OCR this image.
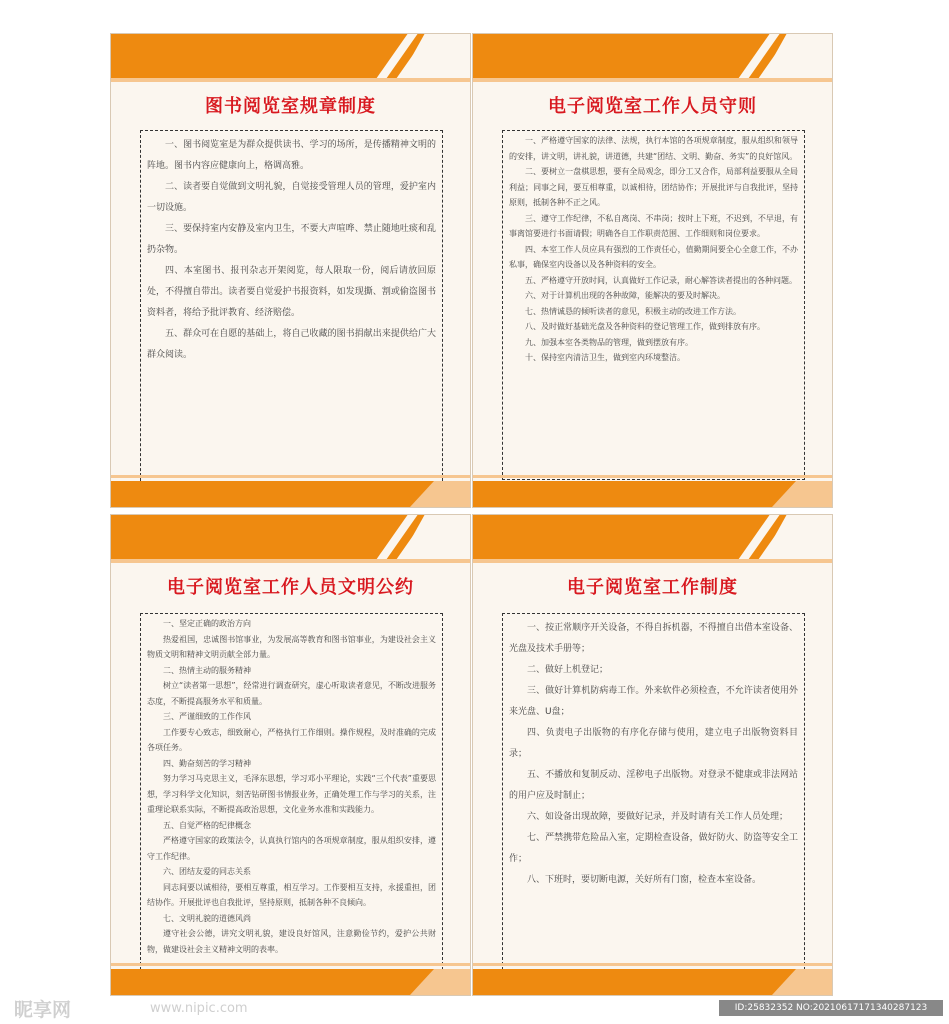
图书阅览室规章制度

一、图书阅览室是为群众提供读书、学习的场所，是传播精神文明的阵地。图书内容应健康向上，格调高雅。

二、读者要自觉做到文明礼貌，自觉接受管理人员的管理，爱护室内一切设施。

三、要保持室内安静及室内卫生，不要大声喧哗、禁止随地吐痰和乱扔杂物。

四、本室图书、报刊杂志开架阅览，每人限取一份，阅后请放回原处，不得擅自带出。读者要自觉爱护书报资料，如发现撕、割或偷盗图书资料者，将给予批评教育、经济赔偿。

五、群众可在自愿的基础上，将自己收藏的图书捐献出来提供给广大群众阅读。

电子阅览室工作人员守则

一、严格遵守国家的法律、法规，执行本馆的各项规章制度，服从组织和领导的安排，讲文明，讲礼貌，讲道德，共建“团结、文明、勤奋、务实”的良好馆风。

二、要树立一盘棋思想，要有全局观念，即分工又合作，局部利益要服从全局利益；同事之间，要互相尊重，以诚相待，团结协作；开展批评与自我批评，坚持原则，抵制各种不正之风。

三、遵守工作纪律，不私自离岗、不串岗；按时上下班，不迟到，不早退，有事离馆要进行书面请假；明确各自工作职责范围、工作细则和岗位要求。

四、本室工作人员应具有强烈的工作责任心，值勤期间要全心全意工作，不办私事，确保室内设备以及各种资料的安全。

五、严格遵守开放时间，认真做好工作记录，耐心解答读者提出的各种问题。

六、对于计算机出现的各种故障，能解决的要及时解决。

七、热情诚恳的倾听读者的意见，积极主动的改进工作方法。

八、及时做好基础光盘及各种资料的登记管理工作，做到排放有序。

九、加强本室各类物品的管理，做到摆放有序。

十、保持室内清洁卫生，做到室内环境整洁。

电子阅览室工作人员文明公约

一、坚定正确的政治方向

热爱祖国，忠诚图书馆事业，为发展高等教育和图书馆事业，为建设社会主义物质文明和精神文明贡献全部力量。

二、热情主动的服务精神

树立“读者第一思想”，经常进行调查研究，虚心听取读者意见，不断改进服务态度，不断提高服务水平和质量。

三、严谨细致的工作作风

工作要专心致志，细致耐心，严格执行工作细则。操作规程，及时准确的完成各项任务。

四、勤奋刻苦的学习精神

努力学习马克思主义，毛泽东思想，学习邓小平理论，实践“三个代表”重要思想，学习科学文化知识，刻苦钻研图书情报业务，正确处理工作与学习的关系，注重理论联系实际，不断提高政治思想，文化业务水准和实践能力。

五、自觉严格的纪律概念

严格遵守国家的政策法令，认真执行馆内的各项规章制度，服从组织安排，遵守工作纪律。

六、团结友爱的同志关系

同志间要以诚相待，要相互尊重，相互学习。工作要相互支持，永援重担，团结协作。开展批评也自我批评，坚持原则，抵制各种不良倾向。

七、文明礼貌的道德风尚

遵守社会公德，讲究文明礼貌，建设良好馆风，注意勤俭节约，爱护公共财物，做建设社会主义精神文明的表率。

电子阅览室工作制度

一、按正常顺序开关设备，不得自拆机器，不得擅自出借本室设备、光盘及技术手册等；

二、做好上机登记；

三、做好计算机防病毒工作。外来软件必须检查，不允许读者使用外来光盘、U盘；

四、负责电子出版物的有序化存储与使用，建立电子出版物资料目录；

五、不播放和复制反动、淫秽电子出版物。对登录不健康或非法网站的用户应及时制止；

六、如设备出现故障，要做好记录，并及时请有关工作人员处理；

七、严禁携带危险品入室，定期检查设备，做好防火、防盗等安全工作；

八、下班时，要切断电源，关好所有门窗，检查本室设备。

昵享网	www.nipic.com	ID:25832352 NO:20210617171340287123
